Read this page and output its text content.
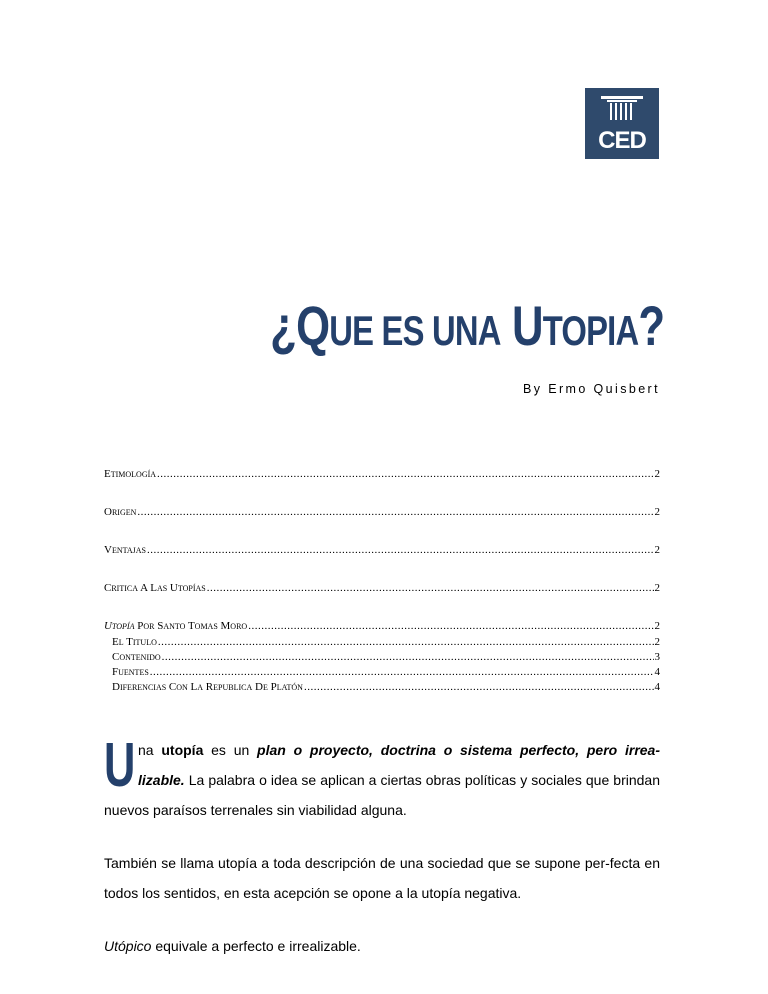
CED
¿QUE ES UNA UTOPIA?
By Ermo Quisbert
Etimología .....	2
Origen .....	2
Ventajas .....	2
Critica A Las Utopías .....	2
Utopía Por Santo Tomas Moro .....	2
El Titulo .....	2
Contenido .....	3
Fuentes .....	4
Diferencias Con La Republica De Platón .....	4

Una utopía es un plan o proyecto, doctrina o sistema perfecto, pero irrea-lizable. La palabra o idea se aplican a ciertas obras políticas y sociales que brindan nuevos paraísos terrenales sin viabilidad alguna.

También se llama utopía a toda descripción de una sociedad que se supone per-fecta en todos los sentidos, en esta acepción se opone a la utopía negativa.

Utópico equivale a perfecto e irrealizable.
